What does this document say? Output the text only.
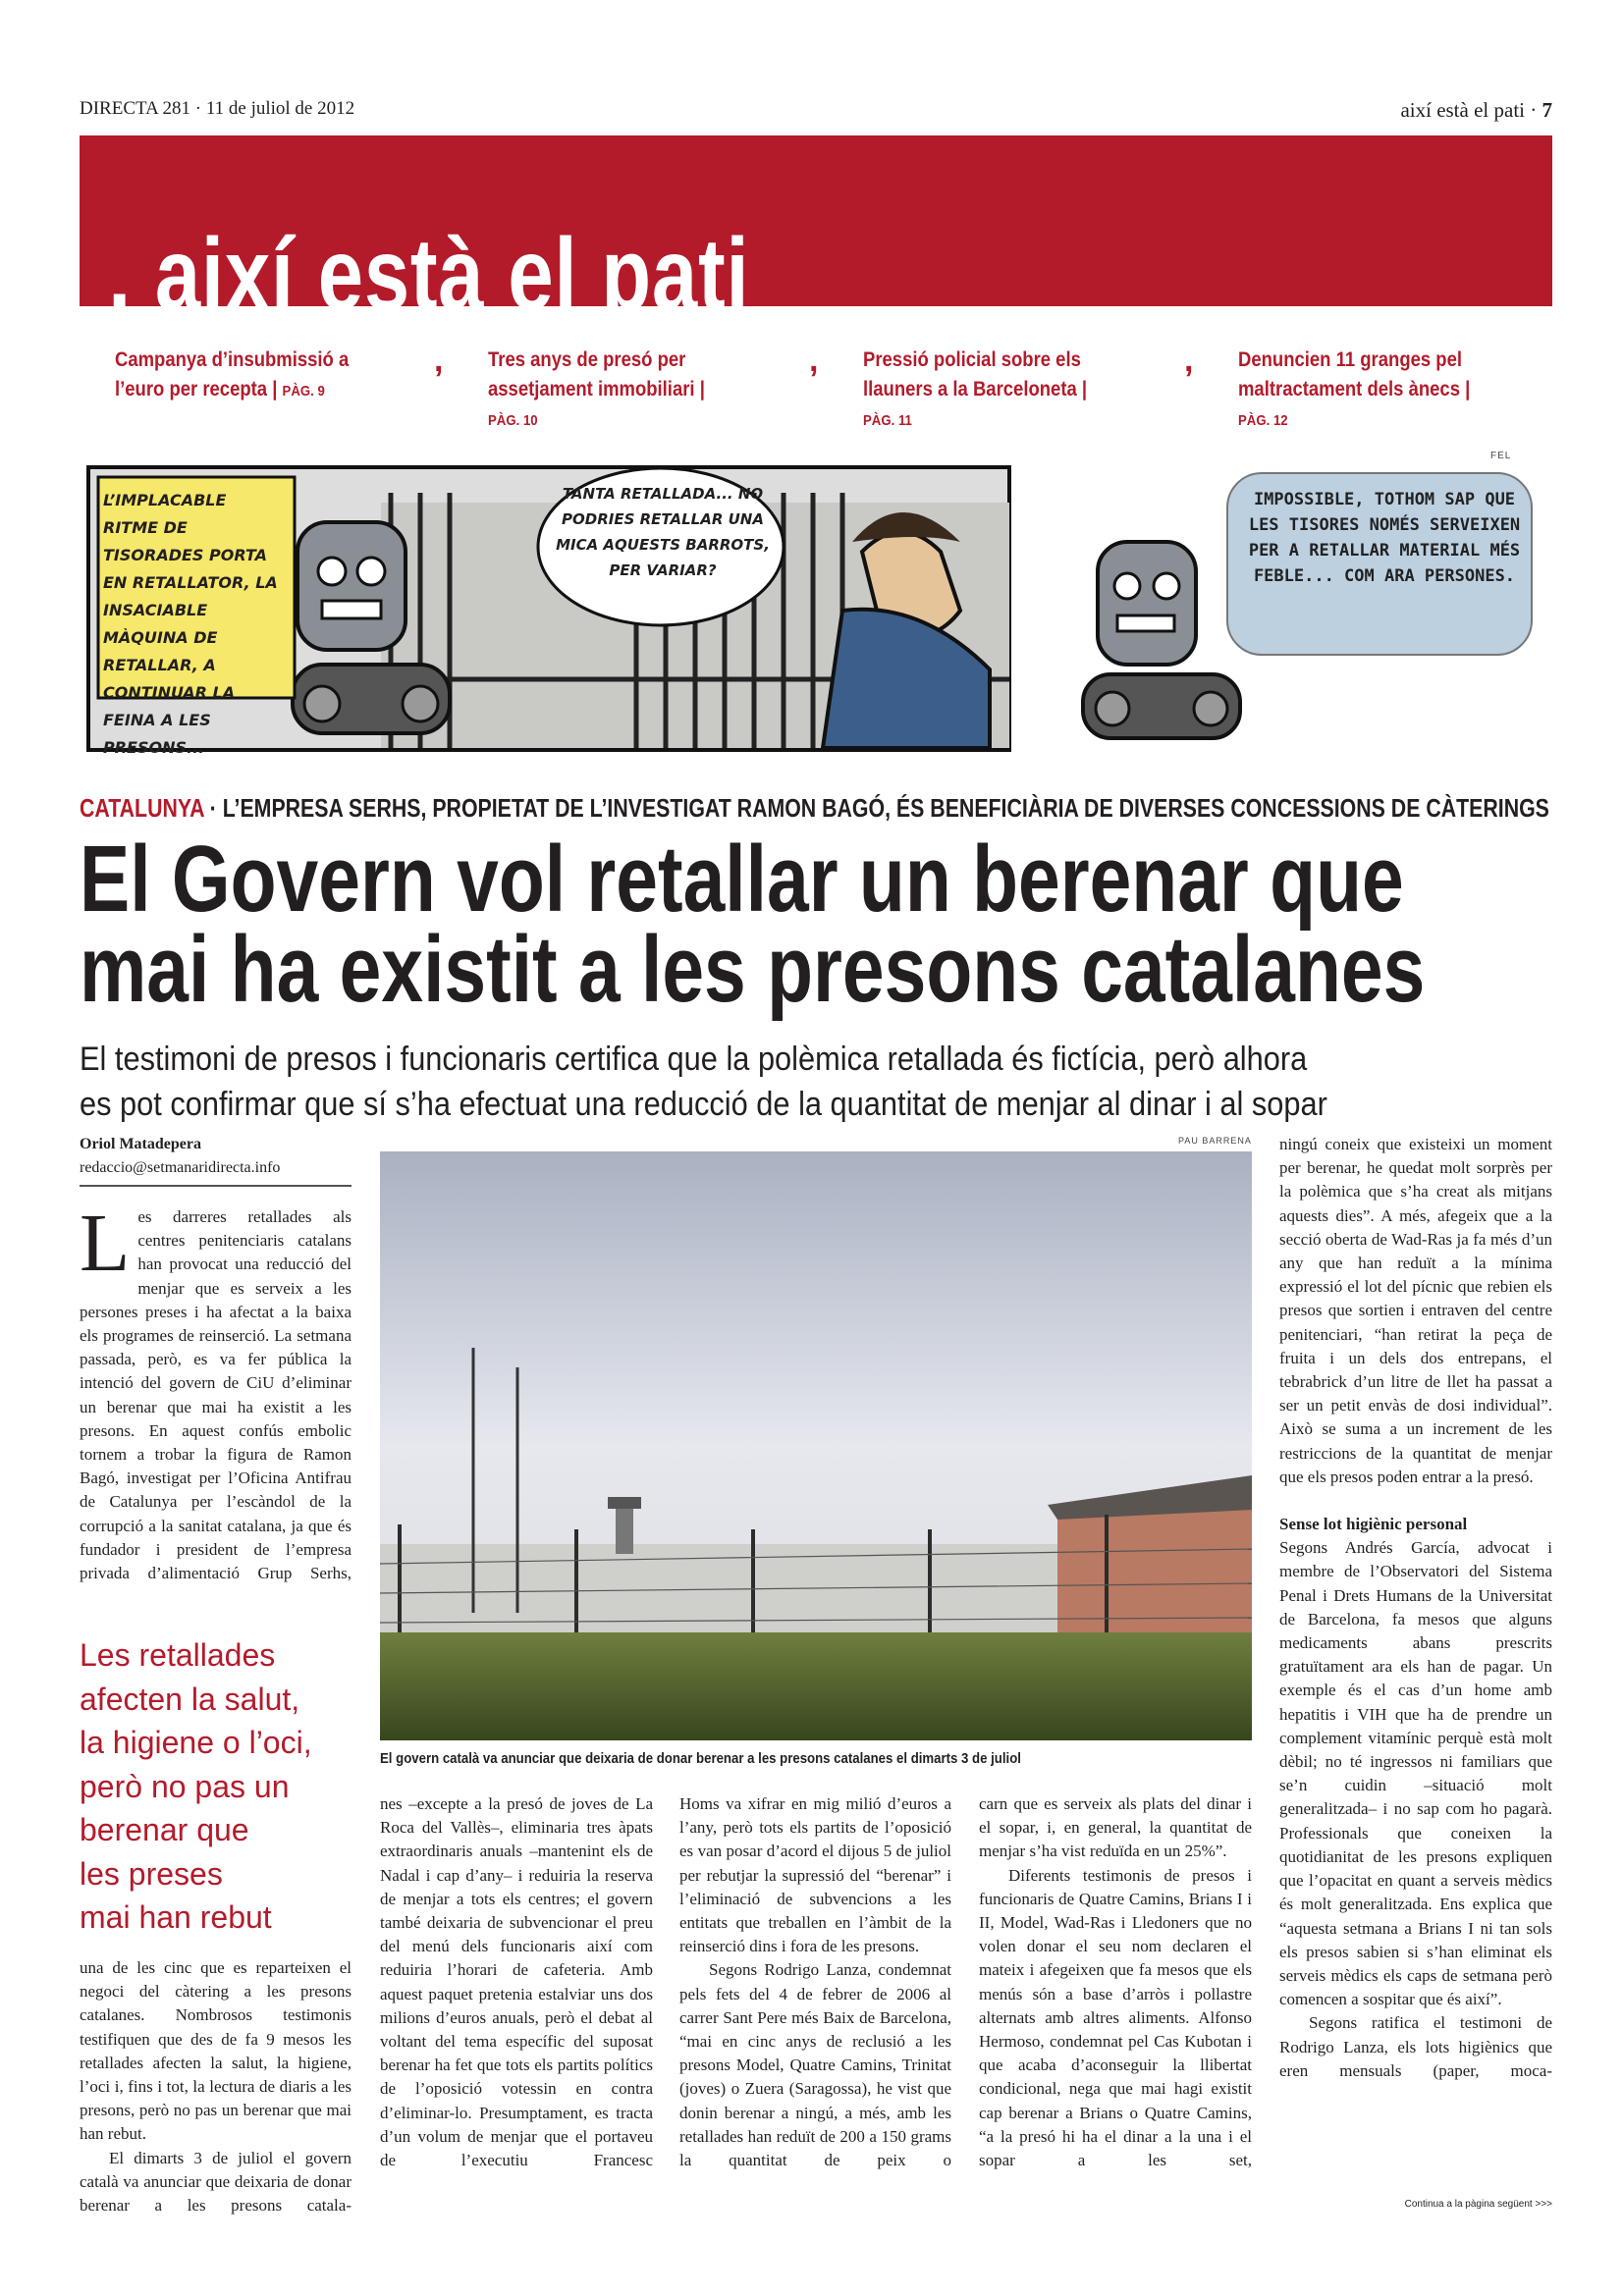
DIRECTA 281 · 11 de juliol de 2012	així està el pati · 7
, així està el pati
Campanya d’insubmissió a l’euro per recepta | PÀG. 9
, Tres anys de presó per assetjament immobiliari | PÀG. 10
, Pressió policial sobre els llauners a la Barceloneta | PÀG. 11
, Denuncien 11 granges pel maltractament dels ànecs | PÀG. 12
FEL
L’IMPLACABLE RITME DE TISORADES PORTA EN RETALLATOR, LA INSACIABLE MÀQUINA DE RETALLAR, A CONTINUAR LA FEINA A LES PRESONS...
TANTA RETALLADA... NO PODRIES RETALLAR UNA MICA AQUESTS BARROTS, PER VARIAR?
IMPOSSIBLE, TOTHOM SAP QUE LES TISORES NOMÉS SERVEIXEN PER A RETALLAR MATERIAL MÉS FEBLE... COM ARA PERSONES.
CATALUNYA · L’EMPRESA SERHS, PROPIETAT DE L’INVESTIGAT RAMON BAGÓ, ÉS BENEFICIÀRIA DE DIVERSES CONCESSIONS DE CÀTERINGS
El Govern vol retallar un berenar que
mai ha existit a les presons catalanes
El testimoni de presos i funcionaris certifica que la polèmica retallada és fictícia, però alhora
es pot confirmar que sí s’ha efectuat una reducció de la quantitat de menjar al dinar i al sopar
Oriol Matadepera
redaccio@setmanaridirecta.info
L es darreres retallades als centres penitenciaris catalans han provocat una reducció del menjar que es serveix a les persones preses i ha afectat a la baixa els programes de reinserció. La setmana passada, però, es va fer pública la intenció del govern de CiU d’eliminar un berenar que mai ha existit a les presons. En aquest confús embolic tornem a trobar la figura de Ramon Bagó, investigat per l’Oficina Antifrau de Catalunya per l’escàndol de la corrupció a la sanitat catalana, ja que és fundador i president de l’empresa privada d’alimentació Grup Serhs,

Les retallades
afecten la salut,
la higiene o l’oci,
però no pas un
berenar que
les preses
mai han rebut

una de les cinc que es reparteixen el negoci del càtering a les presons catalanes. Nombrosos testimonis testifiquen que des de fa 9 mesos les retallades afecten la salut, la higiene, l’oci i, fins i tot, la lectura de diaris a les presons, però no pas un berenar que mai han rebut.

El dimarts 3 de juliol el govern català va anunciar que deixaria de donar berenar a les presons catala-

PAU BARRENA
El govern català va anunciar que deixaria de donar berenar a les presons catalanes el dimarts 3 de juliol

nes –excepte a la presó de joves de La Roca del Vallès–, eliminaria tres àpats extraordinaris anuals –mantenint els de Nadal i cap d’any– i reduiria la reserva de menjar a tots els centres; el govern també deixaria de subvencionar el preu del menú dels funcionaris així com reduiria l’horari de cafeteria. Amb aquest paquet pretenia estalviar uns dos milions d’euros anuals, però el debat al voltant del tema específic del suposat berenar ha fet que tots els partits polítics de l’oposició votessin en contra d’eliminar-lo. Presumptament, es tracta d’un volum de menjar que el portaveu de l’executiu Francesc

Homs va xifrar en mig milió d’euros a l’any, però tots els partits de l’oposició es van posar d’acord el dijous 5 de juliol per rebutjar la supressió del “berenar” i l’eliminació de subvencions a les entitats que treballen en l’àmbit de la reinserció dins i fora de les presons.

Segons Rodrigo Lanza, condemnat pels fets del 4 de febrer de 2006 al carrer Sant Pere més Baix de Barcelona, “mai en cinc anys de reclusió a les presons Model, Quatre Camins, Trinitat (joves) o Zuera (Saragossa), he vist que donin berenar a ningú, a més, amb les retallades han reduït de 200 a 150 grams la quantitat de peix o

carn que es serveix als plats del dinar i el sopar, i, en general, la quantitat de menjar s’ha vist reduïda en un 25%”.

Diferents testimonis de presos i funcionaris de Quatre Camins, Brians I i II, Model, Wad-Ras i Lledoners que no volen donar el seu nom declaren el mateix i afegeixen que fa mesos que els menús són a base d’arròs i pollastre alternats amb altres aliments. Alfonso Hermoso, condemnat pel Cas Kubotan i que acaba d’aconseguir la llibertat condicional, nega que mai hagi existit cap berenar a Brians o Quatre Camins, “a la presó hi ha el dinar a la una i el sopar a les set,

ningú coneix que existeixi un moment per berenar, he quedat molt sorprès per la polèmica que s’ha creat als mitjans aquests dies”. A més, afegeix que a la secció oberta de Wad-Ras ja fa més d’un any que han reduït a la mínima expressió el lot del pícnic que rebien els presos que sortien i entraven del centre penitenciari, “han retirat la peça de fruita i un dels dos entrepans, el tebrabrick d’un litre de llet ha passat a ser un petit envàs de dosi individual”. Això se suma a un increment de les restriccions de la quantitat de menjar que els presos poden entrar a la presó.

Sense lot higiènic personal

Segons Andrés García, advocat i membre de l’Observatori del Sistema Penal i Drets Humans de la Universitat de Barcelona, fa mesos que alguns medicaments abans prescrits gratuïtament ara els han de pagar. Un exemple és el cas d’un home amb hepatitis i VIH que ha de prendre un complement vitamínic perquè està molt dèbil; no té ingressos ni familiars que se’n cuidin –situació molt generalitzada– i no sap com ho pagarà. Professionals que coneixen la quotidianitat de les presons expliquen que l’opacitat en quant a serveis mèdics és molt generalitzada. Ens explica que “aquesta setmana a Brians I ni tan sols els presos sabien si s’han eliminat els serveis mèdics els caps de setmana però comencen a sospitar que és així”.

Segons ratifica el testimoni de Rodrigo Lanza, els lots higiènics que eren mensuals (paper, moca-

Continua a la pàgina següent >>>
